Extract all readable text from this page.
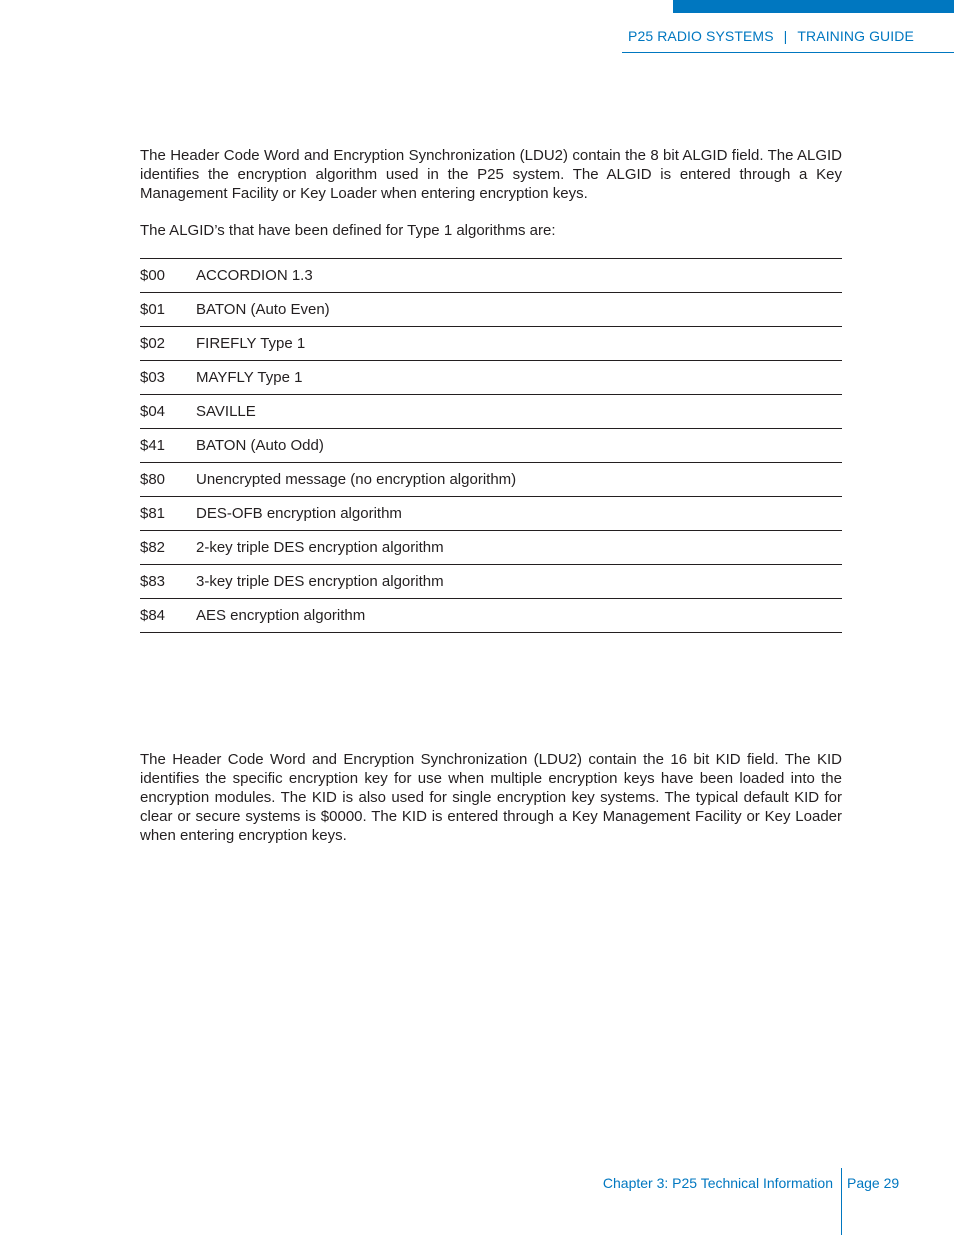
P25 RADIO SYSTEMS | TRAINING GUIDE

The Header Code Word and Encryption Synchronization (LDU2) contain the 8 bit ALGID field. The ALGID identifies the encryption algorithm used in the P25 system. The ALGID is entered through a Key Management Facility or Key Loader when entering encryption keys.

The ALGID’s that have been defined for Type 1 algorithms are:

$00	ACCORDION 1.3
$01	BATON (Auto Even)
$02	FIREFLY Type 1
$03	MAYFLY Type 1
$04	SAVILLE
$41	BATON (Auto Odd)
$80	Unencrypted message (no encryption algorithm)
$81	DES-OFB encryption algorithm
$82	2-key triple DES encryption algorithm
$83	3-key triple DES encryption algorithm
$84	AES encryption algorithm

The Header Code Word and Encryption Synchronization (LDU2) contain the 16 bit KID field. The KID identifies the specific encryption key for use when multiple encryption keys have been loaded into the encryption modules. The KID is also used for single encryption key systems. The typical default KID for clear or secure systems is $0000. The KID is entered through a Key Management Facility or Key Loader when entering encryption keys.

Chapter 3: P25 Technical Information Page 29
